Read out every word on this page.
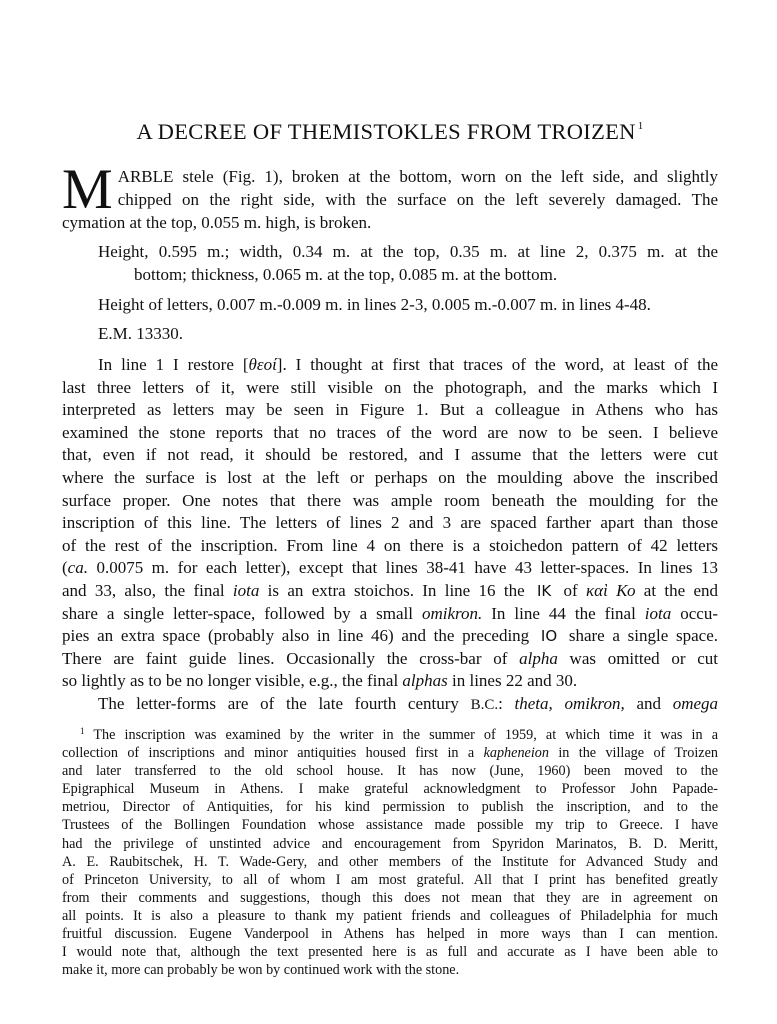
A DECREE OF THEMISTOKLES FROM TROIZEN $^1$
M ARBLE stele (Fig. 1), broken at the bottom, worn on the left side, and slightly
chipped on the right side, with the surface on the left severely damaged. The
cymation at the top, 0.055 m. high, is broken.
Height, 0.595 m.; width, 0.34 m. at the top, 0.35 m. at line 2, 0.375 m. at the
bottom; thickness, 0.065 m. at the top, 0.085 m. at the bottom.
Height of letters, 0.007 m.-0.009 m. in lines 2-3, 0.005 m.-0.007 m. in lines 4-48.
E.M. 13330.
In line 1 I restore [θεοί]. I thought at first that traces of the word, at least of the
last three letters of it, were still visible on the photograph, and the marks which I
interpreted as letters may be seen in Figure 1. But a colleague in Athens who has
examined the stone reports that no traces of the word are now to be seen. I believe
that, even if not read, it should be restored, and I assume that the letters were cut
where the surface is lost at the left or perhaps on the moulding above the inscribed
surface proper. One notes that there was ample room beneath the moulding for the
inscription of this line. The letters of lines 2 and 3 are spaced farther apart than those
of the rest of the inscription. From line 4 on there is a stoichedon pattern of 42 letters
(ca. 0.0075 m. for each letter), except that lines 38-41 have 43 letter-spaces. In lines 13
and 33, also, the final iota is an extra stoichos. In line 16 the IK of καὶ Κο at the end
share a single letter-space, followed by a small omikron. In line 44 the final iota occu-
pies an extra space (probably also in line 46) and the preceding IO share a single space.
There are faint guide lines. Occasionally the cross-bar of alpha was omitted or cut
so lightly as to be no longer visible, e.g., the final alphas in lines 22 and 30.
The letter-forms are of the late fourth century B.C.: theta, omikron, and omega
$^1$ The inscription was examined by the writer in the summer of 1959, at which time it was in a
collection of inscriptions and minor antiquities housed first in a kapheneion in the village of Troizen
and later transferred to the old school house. It has now (June, 1960) been moved to the
Epigraphical Museum in Athens. I make grateful acknowledgment to Professor John Papade-
metriou, Director of Antiquities, for his kind permission to publish the inscription, and to the
Trustees of the Bollingen Foundation whose assistance made possible my trip to Greece. I have
had the privilege of unstinted advice and encouragement from Spyridon Marinatos, B. D. Meritt,
A. E. Raubitschek, H. T. Wade-Gery, and other members of the Institute for Advanced Study and
of Princeton University, to all of whom I am most grateful. All that I print has benefited greatly
from their comments and suggestions, though this does not mean that they are in agreement on
all points. It is also a pleasure to thank my patient friends and colleagues of Philadelphia for much
fruitful discussion. Eugene Vanderpool in Athens has helped in more ways than I can mention.
I would note that, although the text presented here is as full and accurate as I have been able to
make it, more can probably be won by continued work with the stone.
